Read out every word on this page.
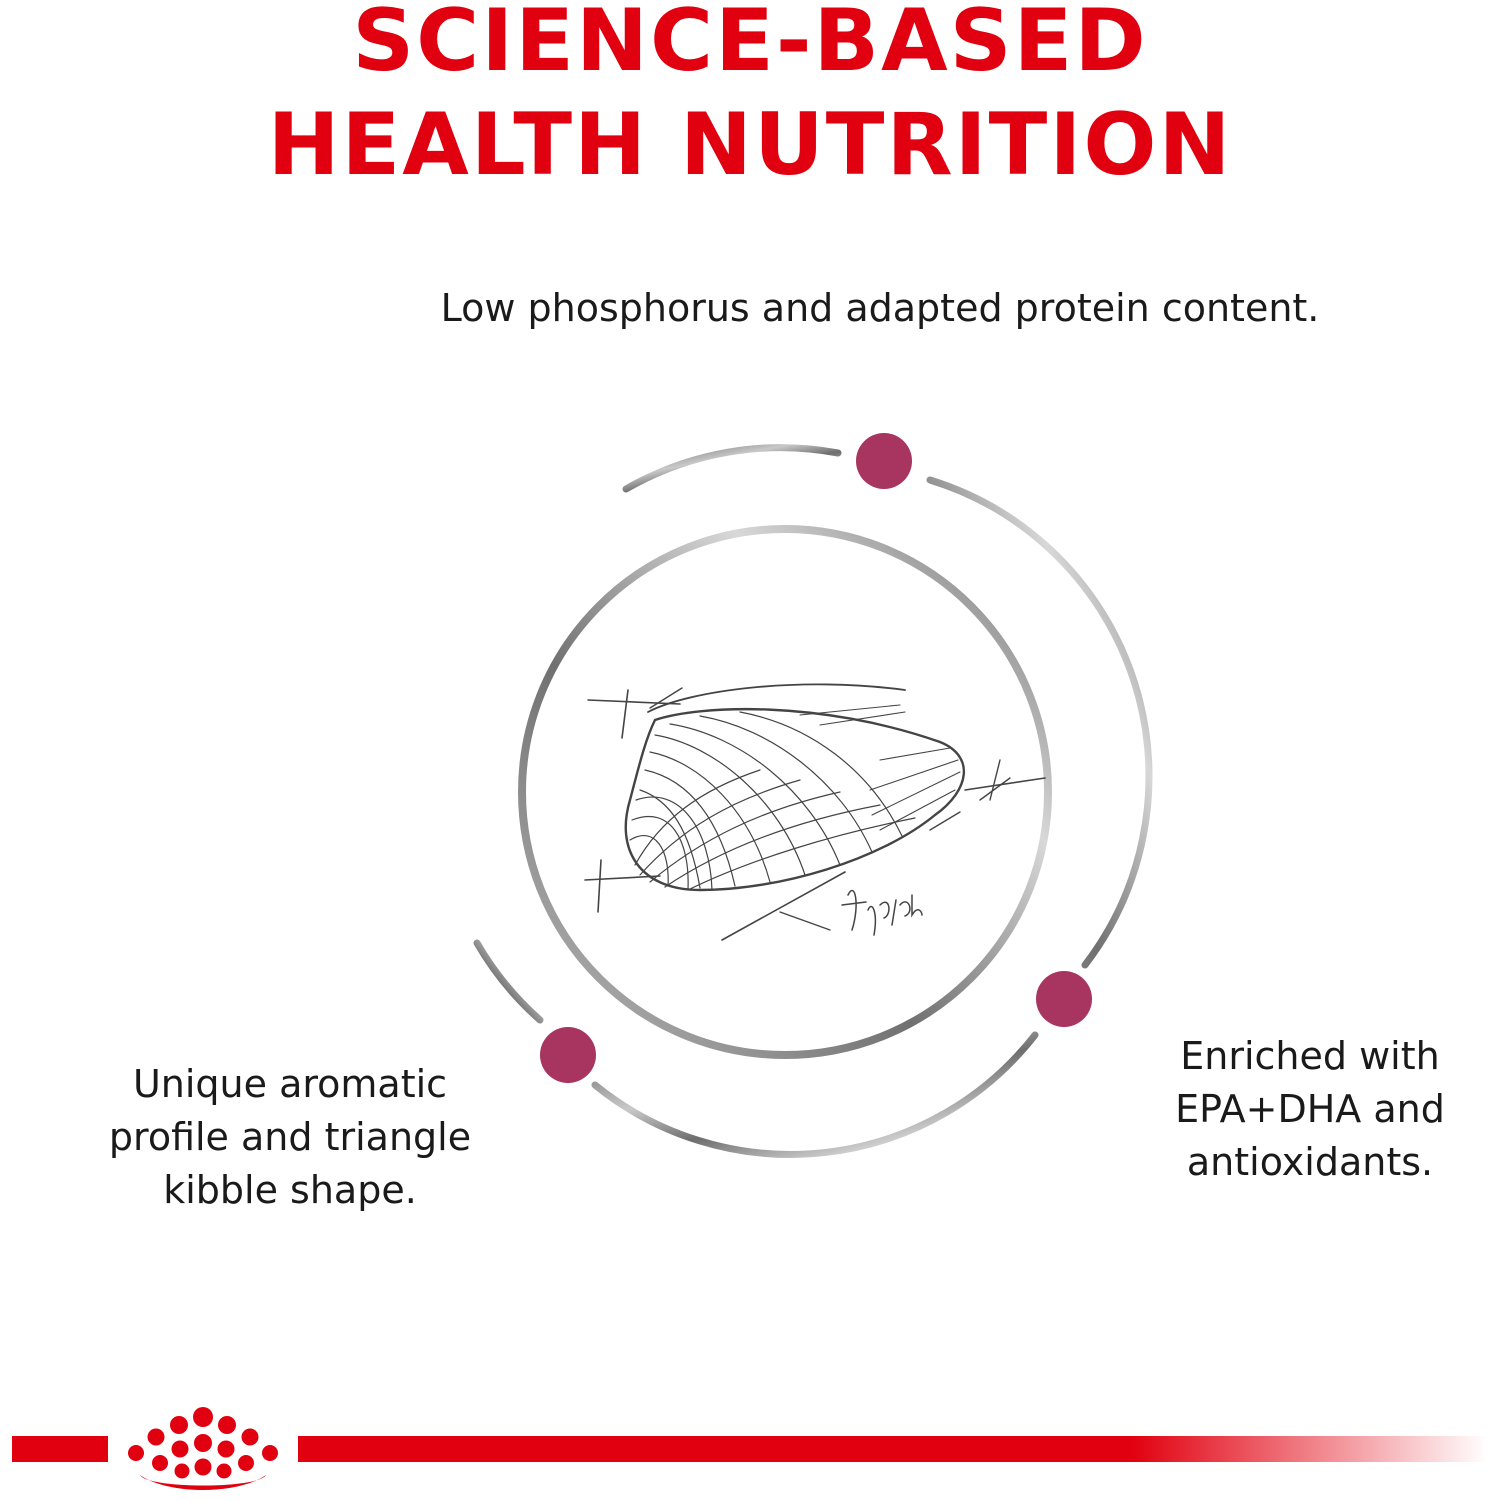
SCIENCE-BASED
HEALTH NUTRITION
Low phosphorus and adapted protein content.
Unique aromatic
profile and triangle
kibble shape.
Enriched with
EPA+DHA and
antioxidants.
